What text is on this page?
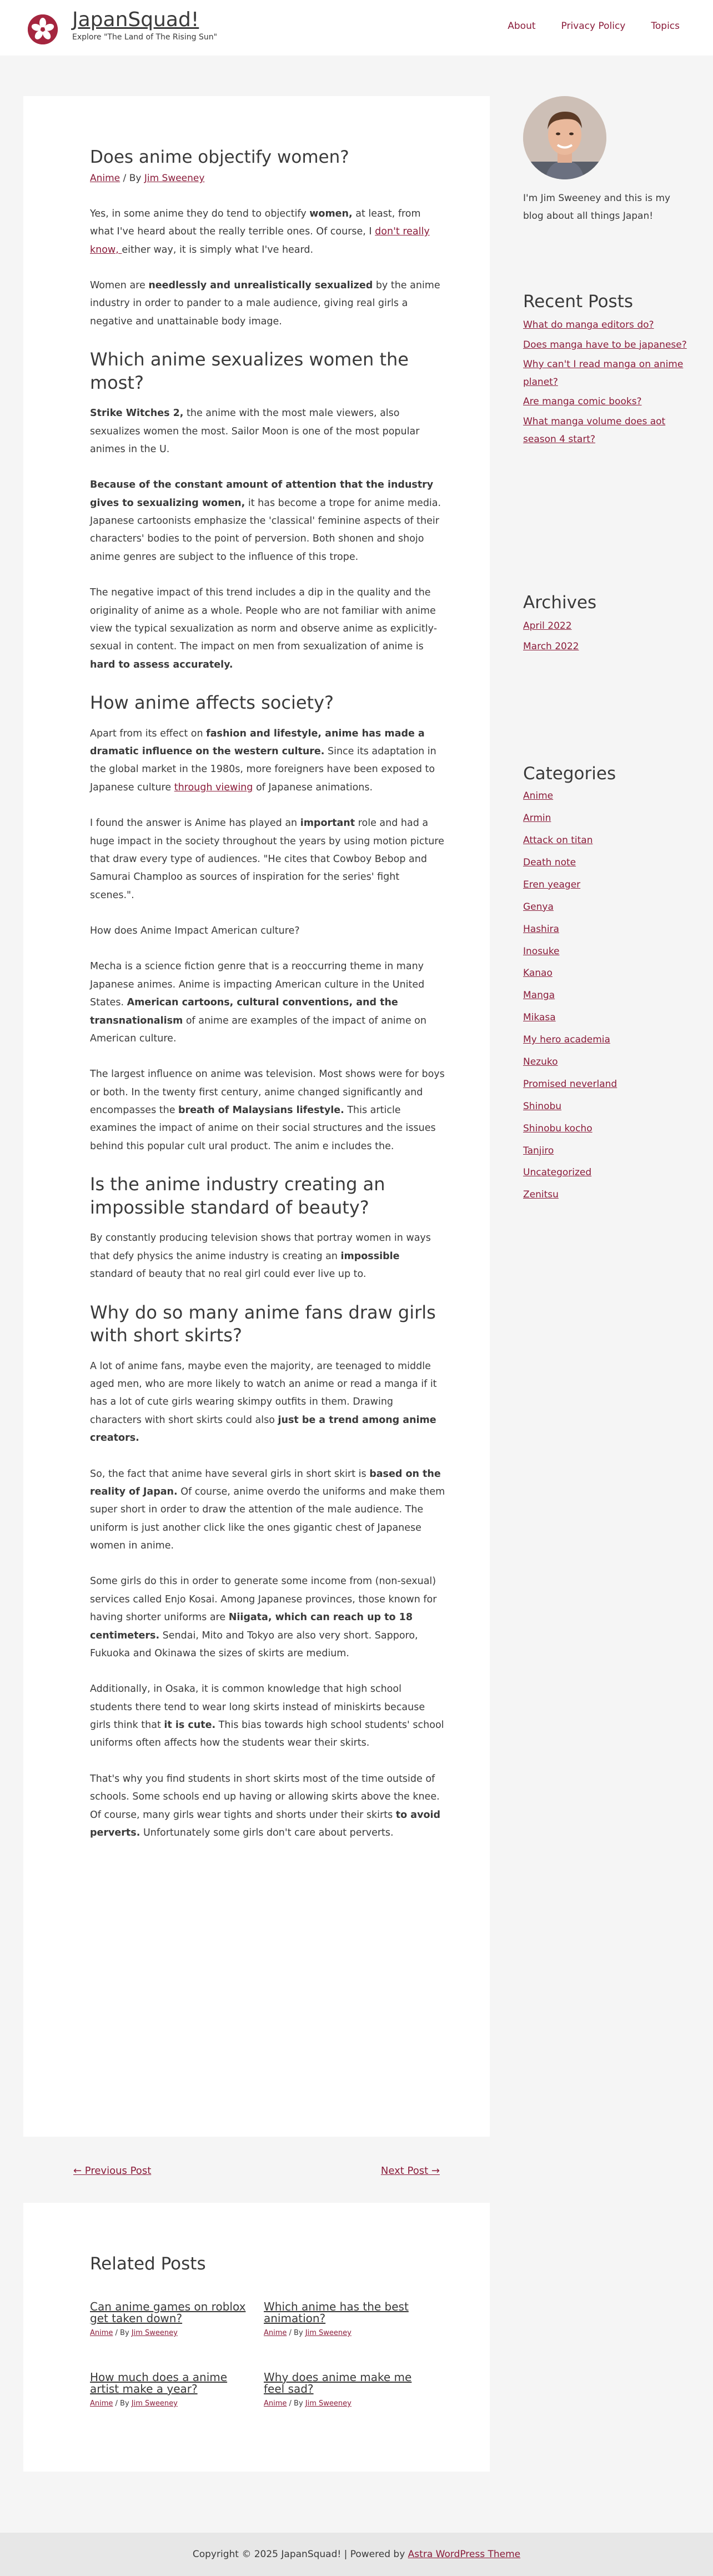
JapanSquad!
Explore "The Land of The Rising Sun"
About	Privacy Policy	Topics
Does anime objectify women?
Anime / By Jim Sweeney

Yes, in some anime they do tend to objectify women, at least, from what I've heard about the really terrible ones. Of course, I don't really know, either way, it is simply what I've heard.

Women are needlessly and unrealistically sexualized by the anime industry in order to pander to a male audience, giving real girls a negative and unattainable body image.

Which anime sexualizes women the most?

Strike Witches 2, the anime with the most male viewers, also sexualizes women the most. Sailor Moon is one of the most popular animes in the U.

Because of the constant amount of attention that the industry gives to sexualizing women, it has become a trope for anime media. Japanese cartoonists emphasize the 'classical' feminine aspects of their characters' bodies to the point of perversion. Both shonen and shojo anime genres are subject to the influence of this trope.

The negative impact of this trend includes a dip in the quality and the originality of anime as a whole. People who are not familiar with anime view the typical sexualization as norm and observe anime as explicitly-sexual in content. The impact on men from sexualization of anime is hard to assess accurately.

How anime affects society?

Apart from its effect on fashion and lifestyle, anime has made a dramatic influence on the western culture. Since its adaptation in the global market in the 1980s, more foreigners have been exposed to Japanese culture through viewing of Japanese animations.

I found the answer is Anime has played an important role and had a huge impact in the society throughout the years by using motion picture that draw every type of audiences. "He cites that Cowboy Bebop and Samurai Champloo as sources of inspiration for the series' fight scenes.".

How does Anime Impact American culture?

Mecha is a science fiction genre that is a reoccurring theme in many Japanese animes. Anime is impacting American culture in the United States. American cartoons, cultural conventions, and the transnationalism of anime are examples of the impact of anime on American culture.

The largest influence on anime was television. Most shows were for boys or both. In the twenty first century, anime changed significantly and encompasses the breath of Malaysians lifestyle. This article examines the impact of anime on their social structures and the issues behind this popular cult ural product. The anim e includes the.

Is the anime industry creating an impossible standard of beauty?

By constantly producing television shows that portray women in ways that defy physics the anime industry is creating an impossible standard of beauty that no real girl could ever live up to.

Why do so many anime fans draw girls with short skirts?

A lot of anime fans, maybe even the majority, are teenaged to middle aged men, who are more likely to watch an anime or read a manga if it has a lot of cute girls wearing skimpy outfits in them. Drawing characters with short skirts could also just be a trend among anime creators.

So, the fact that anime have several girls in short skirt is based on the reality of Japan. Of course, anime overdo the uniforms and make them super short in order to draw the attention of the male audience. The uniform is just another click like the ones gigantic chest of Japanese women in anime.

Some girls do this in order to generate some income from (non-sexual) services called Enjo Kosai. Among Japanese provinces, those known for having shorter uniforms are Niigata, which can reach up to 18 centimeters. Sendai, Mito and Tokyo are also very short. Sapporo, Fukuoka and Okinawa the sizes of skirts are medium.

Additionally, in Osaka, it is common knowledge that high school students there tend to wear long skirts instead of miniskirts because girls think that it is cute. This bias towards high school students' school uniforms often affects how the students wear their skirts.

That's why you find students in short skirts most of the time outside of schools. Some schools end up having or allowing skirts above the knee. Of course, many girls wear tights and shorts under their skirts to avoid perverts. Unfortunately some girls don't care about perverts.

I'm Jim Sweeney and this is my blog about all things Japan!

Recent Posts
What do manga editors do?
Does manga have to be japanese?
Why can't I read manga on anime planet?
Are manga comic books?
What manga volume does aot season 4 start?
Archives
April 2022
March 2022
Categories
Anime
Armin
Attack on titan
Death note
Eren yeager
Genya
Hashira
Inosuke
Kanao
Manga
Mikasa
My hero academia
Nezuko
Promised neverland
Shinobu
Shinobu kocho
Tanjiro
Uncategorized
Zenitsu
← Previous Post	Next Post →
Related Posts
Can anime games on roblox get taken down?
Anime / By Jim Sweeney
Which anime has the best animation?
Anime / By Jim Sweeney
How much does a anime artist make a year?
Anime / By Jim Sweeney
Why does anime make me feel sad?
Anime / By Jim Sweeney
Copyright © 2025 JapanSquad! | Powered by Astra WordPress Theme
